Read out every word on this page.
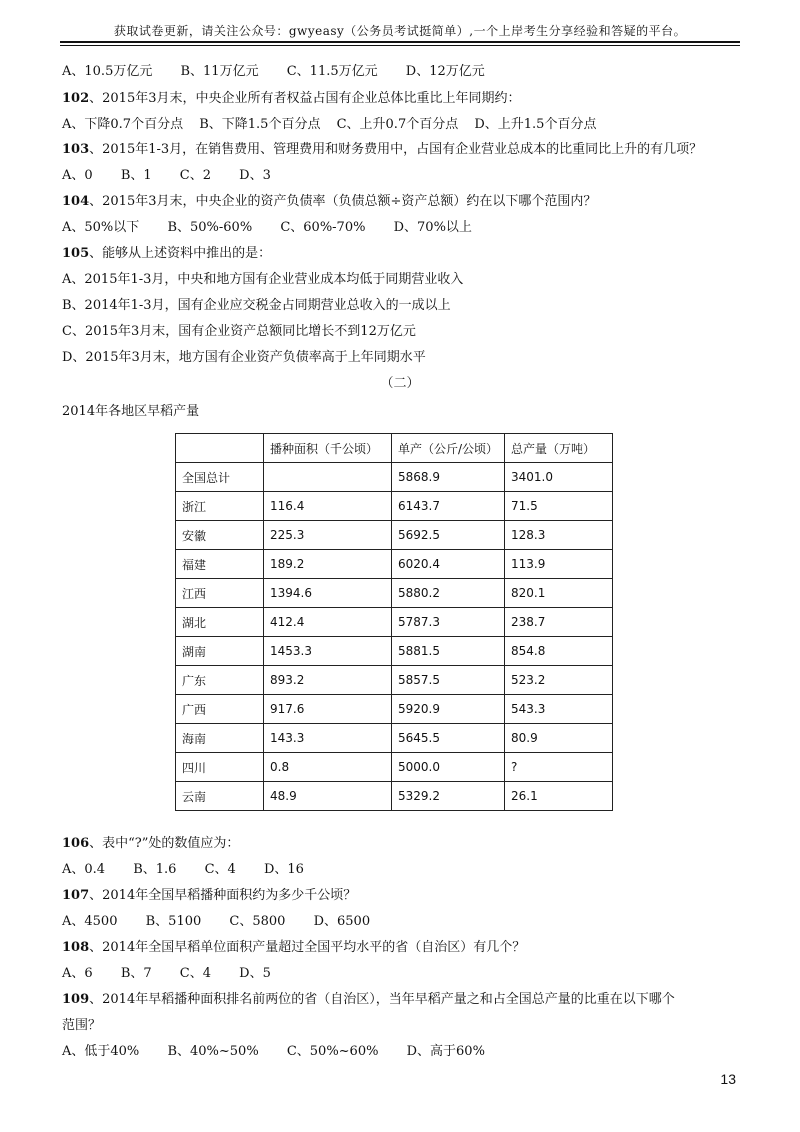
获取试卷更新，请关注公众号：gwyeasy（公务员考试挺简单）,一个上岸考生分享经验和答疑的平台。
A、10.5万亿元 B、11万亿元 C、11.5万亿元 D、12万亿元
102、2015年3月末，中央企业所有者权益占国有企业总体比重比上年同期约：
A、下降0.7个百分点 B、下降1.5个百分点 C、上升0.7个百分点 D、上升1.5个百分点
103、2015年1-3月，在销售费用、管理费用和财务费用中，占国有企业营业总成本的比重同比上升的有几项？
A、0 B、1 C、2 D、3
104、2015年3月末，中央企业的资产负债率（负债总额÷资产总额）约在以下哪个范围内？
A、50%以下 B、50%-60% C、60%-70% D、70%以上
105、能够从上述资料中推出的是：
A、2015年1-3月，中央和地方国有企业营业成本均低于同期营业收入
B、2014年1-3月，国有企业应交税金占同期营业总收入的一成以上
C、2015年3月末，国有企业资产总额同比增长不到12万亿元
D、2015年3月末，地方国有企业资产负债率高于上年同期水平
（二）
2014年各地区早稻产量
	播种面积（千公顷）	单产（公斤/公顷）	总产量（万吨）
全国总计		5868.9	3401.0
浙江	116.4	6143.7	71.5
安徽	225.3	5692.5	128.3
福建	189.2	6020.4	113.9
江西	1394.6	5880.2	820.1
湖北	412.4	5787.3	238.7
湖南	1453.3	5881.5	854.8
广东	893.2	5857.5	523.2
广西	917.6	5920.9	543.3
海南	143.3	5645.5	80.9
四川	0.8	5000.0	?
云南	48.9	5329.2	26.1
106、表中“?”处的数值应为：
A、0.4 B、1.6 C、4 D、16
107、2014年全国早稻播种面积约为多少千公顷？
A、4500 B、5100 C、5800 D、6500
108、2014年全国早稻单位面积产量超过全国平均水平的省（自治区）有几个？
A、6 B、7 C、4 D、5
109、2014年早稻播种面积排名前两位的省（自治区），当年早稻产量之和占全国总产量的比重在以下哪个
范围？
A、低于40% B、40%~50% C、50%~60% D、高于60%
13
